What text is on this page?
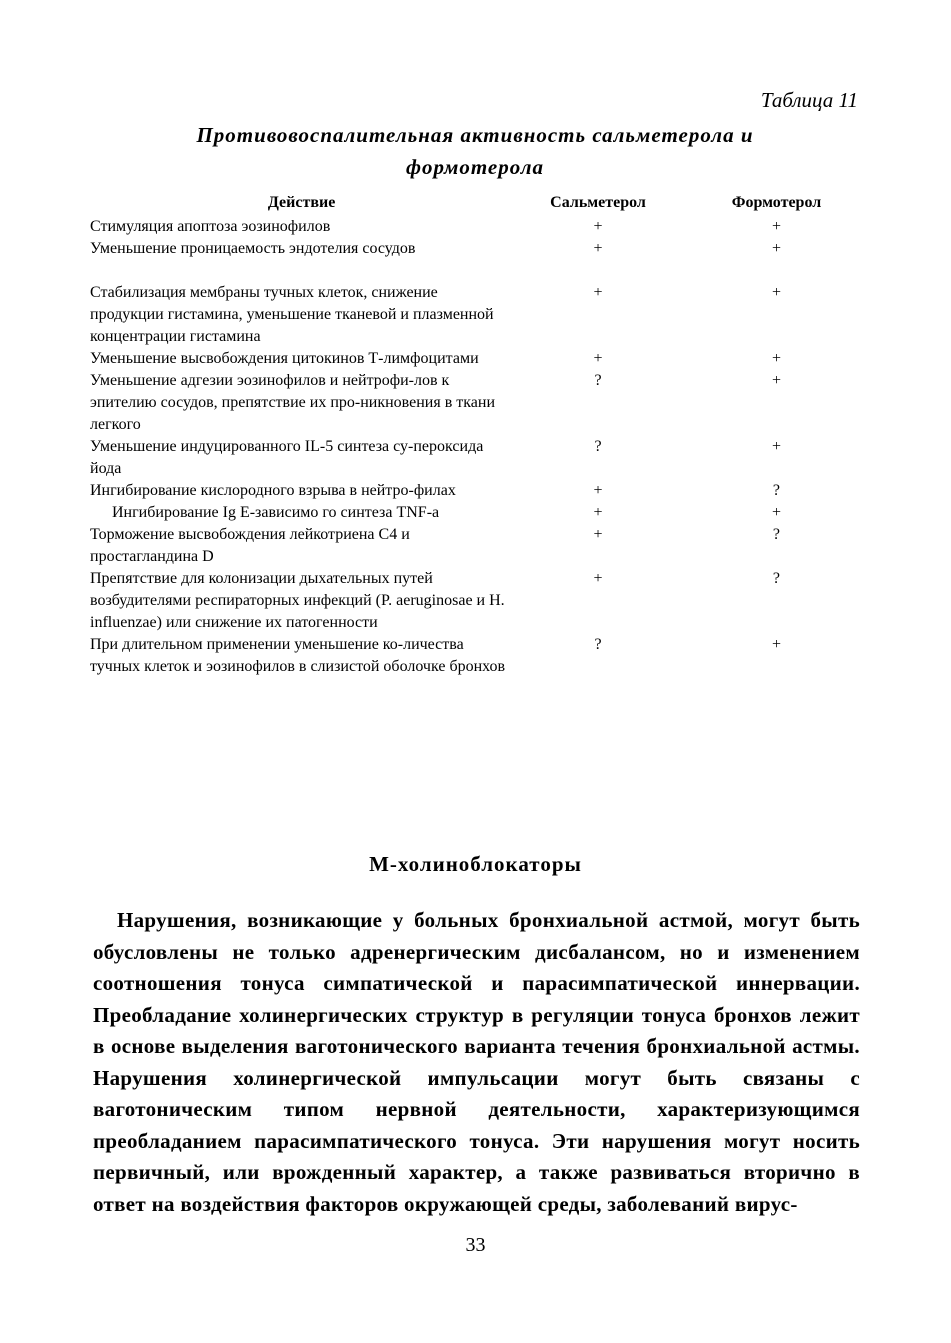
Таблица 11
Противовоспалительная активность сальметерола и формотерола
Действие	Сальметерол	Формотерол
Стимуляция апоптоза эозинофилов	+	+
Уменьшение проницаемость эндотелия сосудов	+	+

Стабилизация мембраны тучных клеток, снижение продукции гистамина, уменьшение тканевой и плазменной концентрации гистамина	+	+
Уменьшение высвобождения цитокинов Т-лимфоцитами	+	+
Уменьшение адгезии эозинофилов и нейтрофи-лов к эпителию сосудов, препятствие их про-никновения в ткани легкого	?	+
Уменьшение индуцированного IL-5 синтеза су-пероксида йода	?	+
Ингибирование кислородного взрыва в нейтро-филах	+	?
Ингибирование Ig Е-зависимо го синтеза TNF-a	+	+
Торможение высвобождения лейкотриена С4 и простагландина D	+	?
Препятствие для колонизации дыхательных путей возбудителями респираторных инфекций (P. aeruginosae и H. influenzae) или снижение их патогенности	+	?
При длительном применении уменьшение ко-личества тучных клеток и эозинофилов в слизистой оболочке бронхов	?	+
М-холиноблокаторы
Нарушения, возникающие у больных бронхиальной астмой, могут быть обусловлены не только адренергическим дисбалансом, но и изменением соотношения тонуса симпатической и парасимпатической иннервации. Преобладание холинергических структур в регуляции тонуса бронхов лежит в основе выделения ваготонического варианта течения бронхиальной астмы. Нарушения холинергической импульсации могут быть связаны с ваготоническим типом нервной деятельности, характеризующимся преобладанием парасимпатического тонуса. Эти нарушения могут носить первичный, или врожденный характер, а также развиваться вторично в ответ на воздействия факторов окружающей среды, заболеваний вирус-
33
